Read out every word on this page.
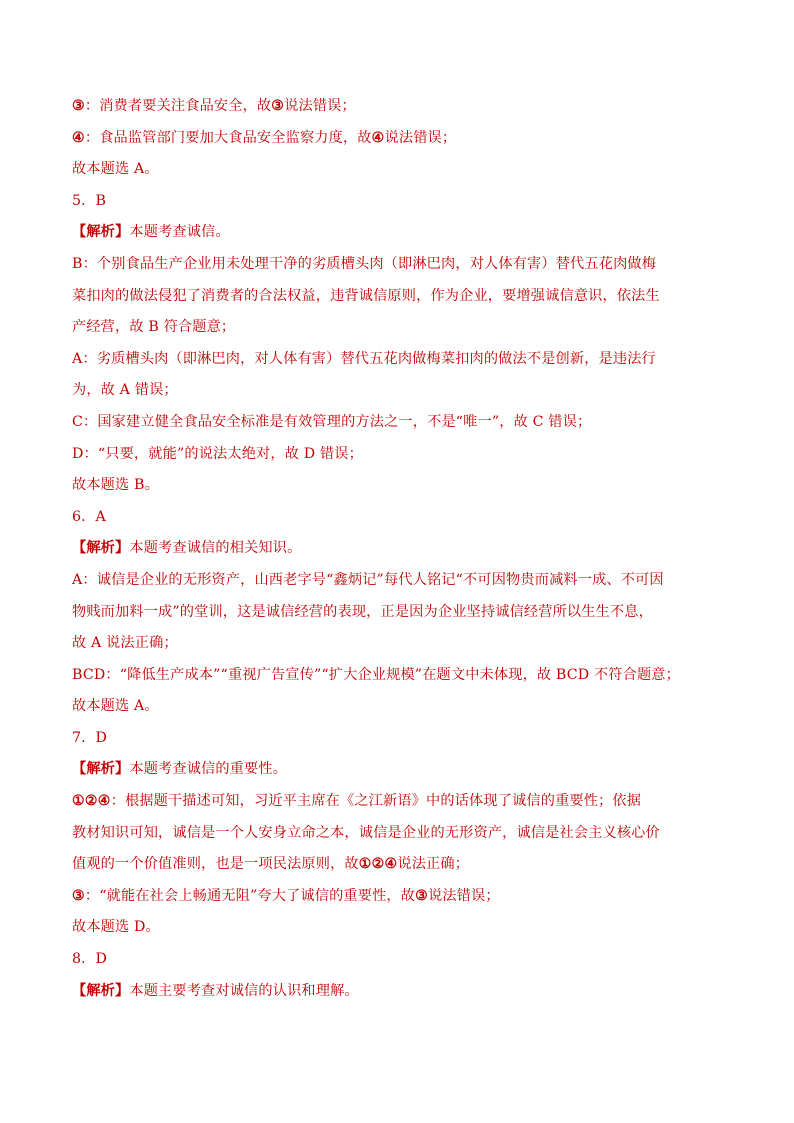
③：消费者要关注食品安全，故③说法错误；
④：食品监管部门要加大食品安全监察力度，故④说法错误；
故本题选 A。
5．B
【解析】本题考查诚信。
B：个别食品生产企业用未处理干净的劣质槽头肉（即淋巴肉，对人体有害）替代五花肉做梅
菜扣肉的做法侵犯了消费者的合法权益，违背诚信原则，作为企业，要增强诚信意识，依法生
产经营，故 B 符合题意；
A：劣质槽头肉（即淋巴肉，对人体有害）替代五花肉做梅菜扣肉的做法不是创新，是违法行
为，故 A 错误；
C：国家建立健全食品安全标准是有效管理的方法之一，不是“唯一”，故 C 错误；
D：“只要，就能”的说法太绝对，故 D 错误；
故本题选 B。
6．A
【解析】本题考查诚信的相关知识。
A：诚信是企业的无形资产，山西老字号“鑫炳记”每代人铭记“不可因物贵而减料一成、不可因
物贱而加料一成”的堂训，这是诚信经营的表现，正是因为企业坚持诚信经营所以生生不息，
故 A 说法正确；
BCD：“降低生产成本”“重视广告宣传”“扩大企业规模”在题文中未体现，故 BCD 不符合题意；
故本题选 A。
7．D
【解析】本题考查诚信的重要性。
①②④：根据题干描述可知，习近平主席在《之江新语》中的话体现了诚信的重要性；依据
教材知识可知，诚信是一个人安身立命之本，诚信是企业的无形资产，诚信是社会主义核心价
值观的一个价值准则，也是一项民法原则，故①②④说法正确；
③：“就能在社会上畅通无阻”夸大了诚信的重要性，故③说法错误；
故本题选 D。
8．D
【解析】本题主要考查对诚信的认识和理解。
